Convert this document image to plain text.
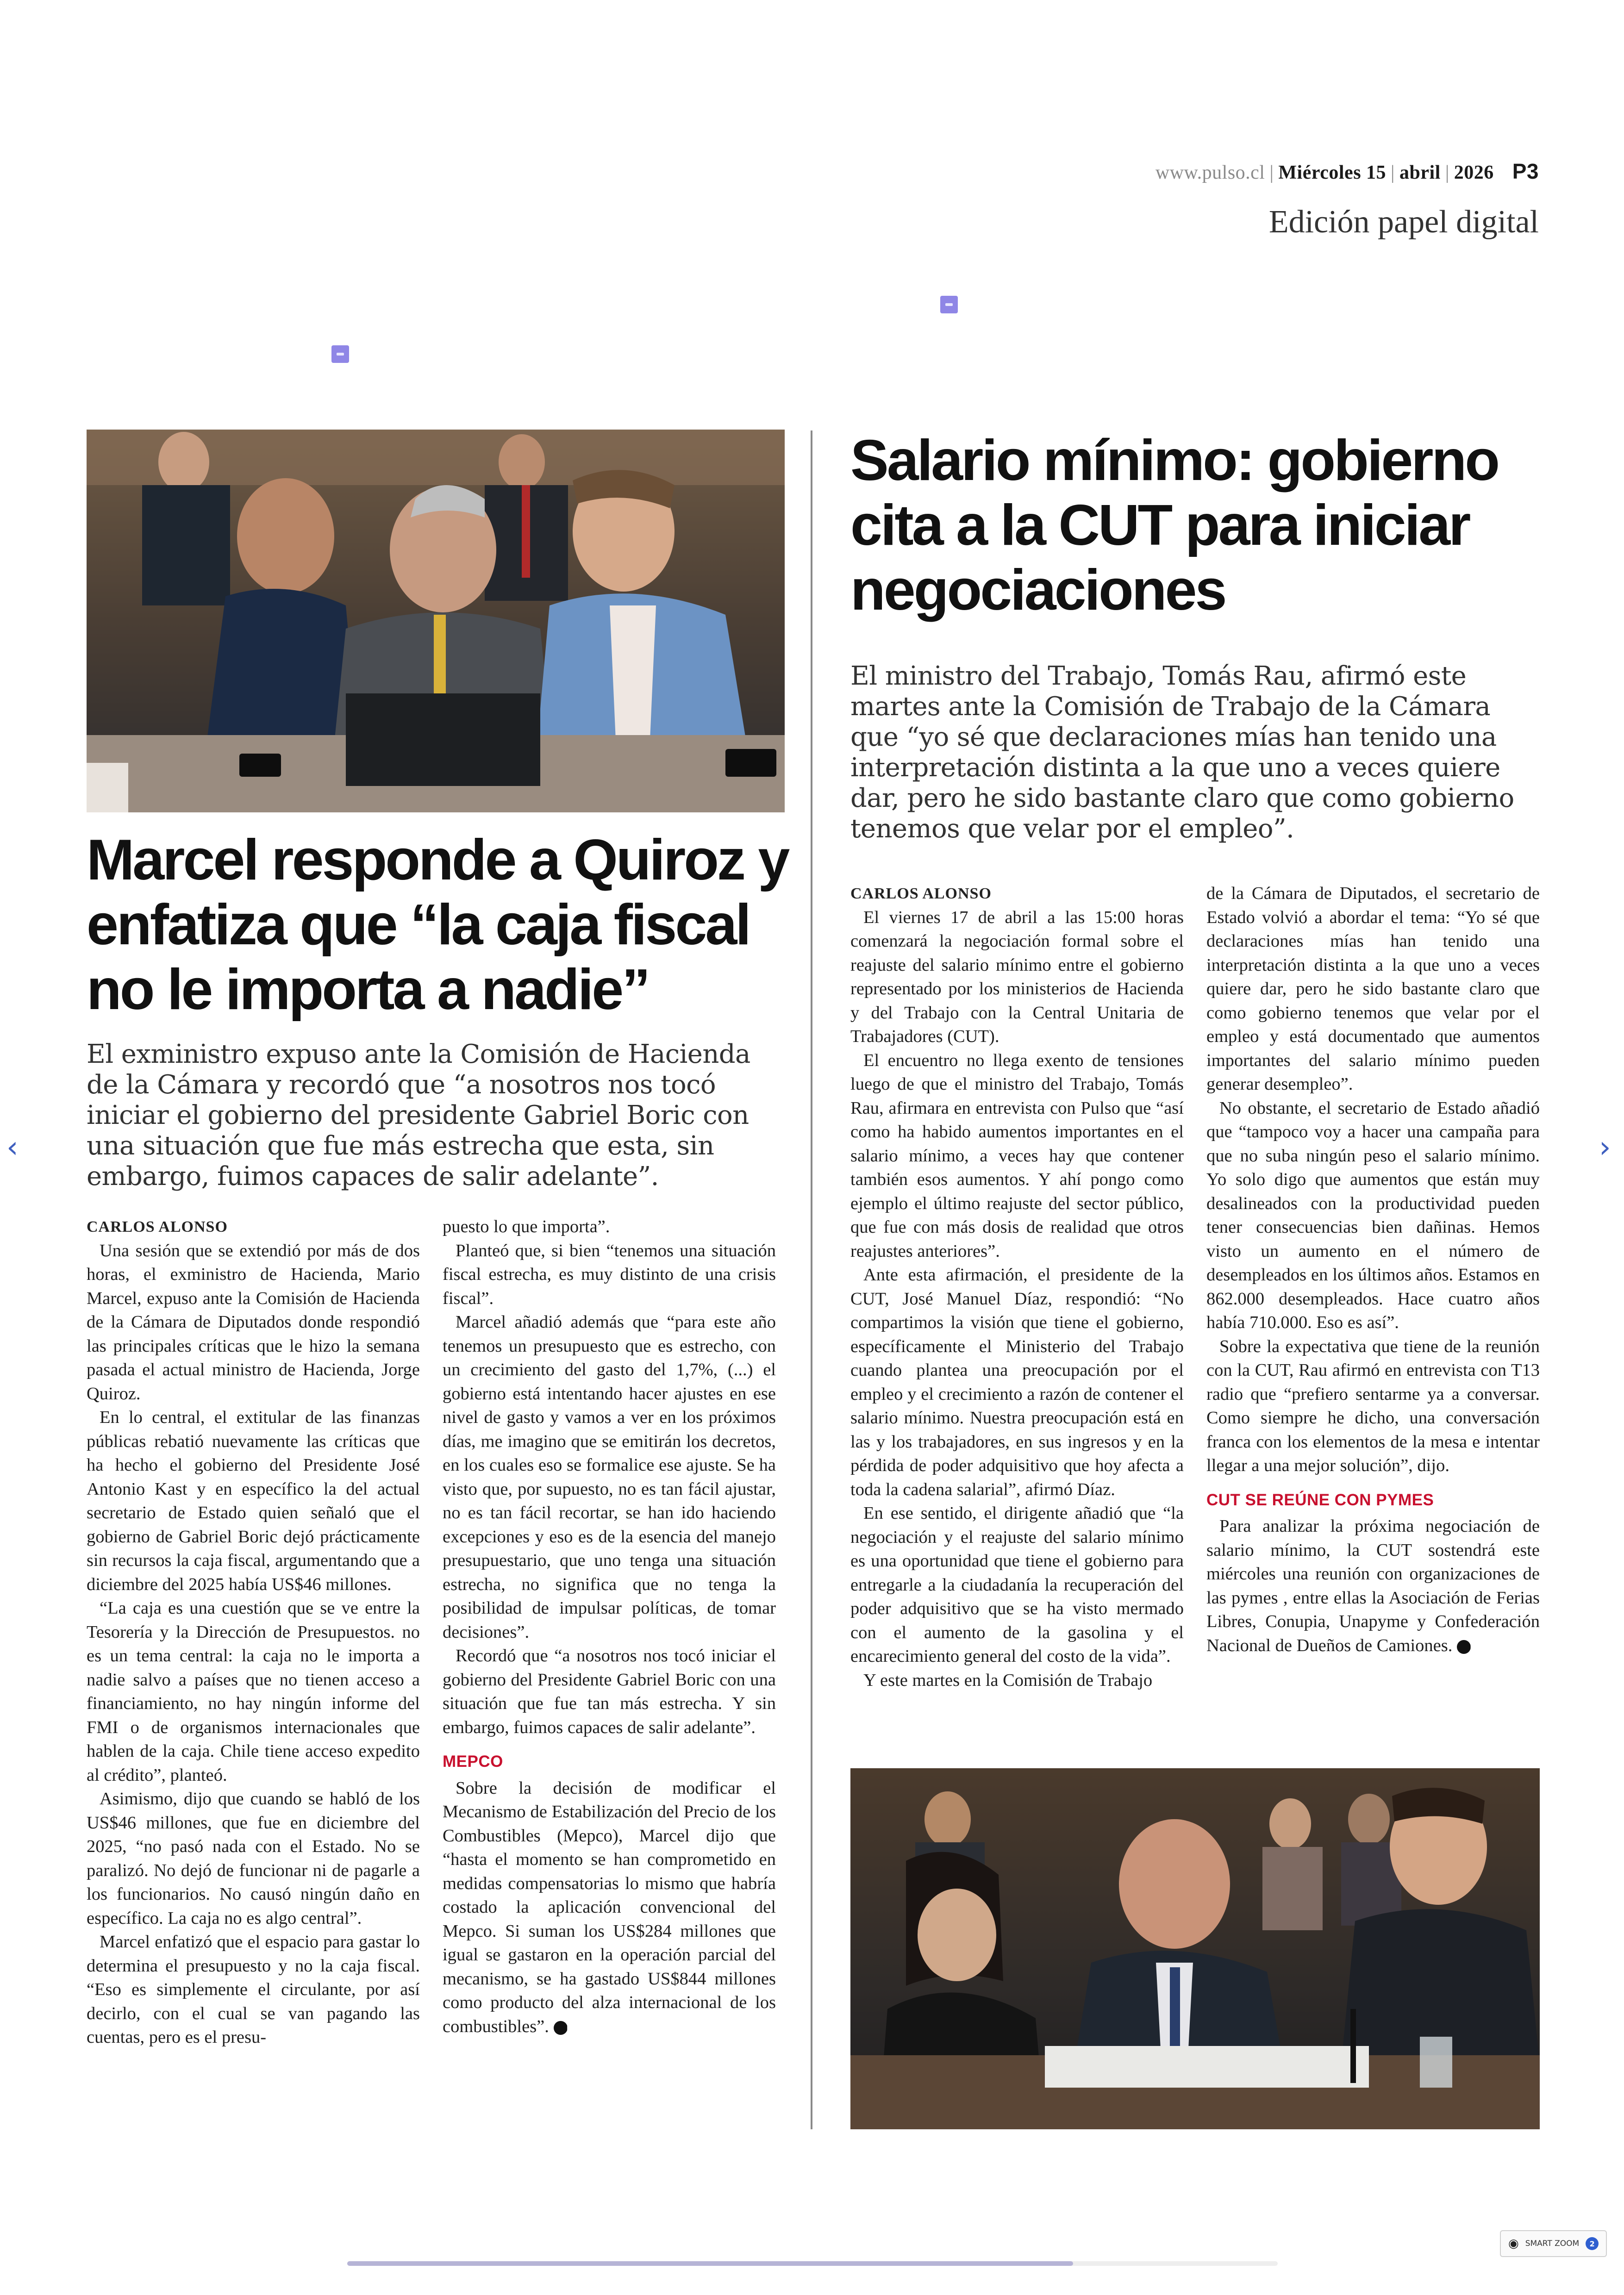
www.pulso.cl | Miércoles 15 | abril | 2026 P3
Edición papel digital
Marcel responde a Quiroz y enfatiza que “la caja fiscal no le importa a nadie”
El exministro expuso ante la Comisión de Hacienda de la Cámara y recordó que “a nosotros nos tocó iniciar el gobierno del presidente Gabriel Boric con una situación que fue más estrecha que esta, sin embargo, fuimos capaces de salir adelante”.
CARLOS ALONSO

Una sesión que se extendió por más de dos horas, el exministro de Hacienda, Mario Marcel, expuso ante la Comisión de Hacienda de la Cámara de Diputados donde respondió las principales críticas que le hizo la semana pasada el actual ministro de Hacienda, Jorge Quiroz.

En lo central, el extitular de las finanzas públicas rebatió nuevamente las críticas que ha hecho el gobierno del Presidente José Antonio Kast y en específico la del actual secretario de Estado quien señaló que el gobierno de Gabriel Boric dejó prácticamente sin recursos la caja fiscal, argumentando que a diciembre del 2025 había US$46 millones.

“La caja es una cuestión que se ve entre la Tesorería y la Dirección de Presupuestos. no es un tema central: la caja no le importa a nadie salvo a países que no tienen acceso a financiamiento, no hay ningún informe del FMI o de organismos internacionales que hablen de la caja. Chile tiene acceso expedito al crédito”, planteó.

Asimismo, dijo que cuando se habló de los US$46 millones, que fue en diciembre del 2025, “no pasó nada con el Estado. No se paralizó. No dejó de funcionar ni de pagarle a los funcionarios. No causó ningún daño en específico. La caja no es algo central”.

Marcel enfatizó que el espacio para gastar lo determina el presupuesto y no la caja fiscal. “Eso es simplemente el circulante, por así decirlo, con el cual se van pagando las cuentas, pero es el presu-

puesto lo que importa”.

Planteó que, si bien “tenemos una situación fiscal estrecha, es muy distinto de una crisis fiscal”.

Marcel añadió además que “para este año tenemos un presupuesto que es estrecho, con un crecimiento del gasto del 1,7%, (...) el gobierno está intentando hacer ajustes en ese nivel de gasto y vamos a ver en los próximos días, me imagino que se emitirán los decretos, en los cuales eso se formalice ese ajuste. Se ha visto que, por supuesto, no es tan fácil ajustar, no es tan fácil recortar, se han ido haciendo excepciones y eso es de la esencia del manejo presupuestario, que uno tenga una situación estrecha, no significa que no tenga la posibilidad de impulsar políticas, de tomar decisiones”.

Recordó que “a nosotros nos tocó iniciar el gobierno del Presidente Gabriel Boric con una situación que fue tan más estrecha. Y sin embargo, fuimos capaces de salir adelante”.

MEPCO

Sobre la decisión de modificar el Mecanismo de Estabilización del Precio de los Combustibles (Mepco), Marcel dijo que “hasta el momento se han comprometido en medidas compensatorias lo mismo que habría costado la aplicación convencional del Mepco. Si suman los US$284 millones que igual se gastaron en la operación parcial del mecanismo, se ha gastado US$844 millones como producto del alza internacional de los combustibles”. P

Salario mínimo: gobierno cita a la CUT para iniciar negociaciones
El ministro del Trabajo, Tomás Rau, afirmó este martes ante la Comisión de Trabajo de la Cámara que “yo sé que declaraciones mías han tenido una interpretación distinta a la que uno a veces quiere dar, pero he sido bastante claro que como gobierno tenemos que velar por el empleo”.
CARLOS ALONSO

El viernes 17 de abril a las 15:00 horas comenzará la negociación formal sobre el reajuste del salario mínimo entre el gobierno representado por los ministerios de Hacienda y del Trabajo con la Central Unitaria de Trabajadores (CUT).

El encuentro no llega exento de tensiones luego de que el ministro del Trabajo, Tomás Rau, afirmara en entrevista con Pulso que “así como ha habido aumentos importantes en el salario mínimo, a veces hay que contener también esos aumentos. Y ahí pongo como ejemplo el último reajuste del sector público, que fue con más dosis de realidad que otros reajustes anteriores”.

Ante esta afirmación, el presidente de la CUT, José Manuel Díaz, respondió: “No compartimos la visión que tiene el gobierno, específicamente el Ministerio del Trabajo cuando plantea una preocupación por el empleo y el crecimiento a razón de contener el salario mínimo. Nuestra preocupación está en las y los trabajadores, en sus ingresos y en la pérdida de poder adquisitivo que hoy afecta a toda la cadena salarial”, afirmó Díaz.

En ese sentido, el dirigente añadió que “la negociación y el reajuste del salario mínimo es una oportunidad que tiene el gobierno para entregarle a la ciudadanía la recuperación del poder adquisitivo que se ha visto mermado con el aumento de la gasolina y el encarecimiento general del costo de la vida”.

Y este martes en la Comisión de Trabajo

de la Cámara de Diputados, el secretario de Estado volvió a abordar el tema: “Yo sé que declaraciones mías han tenido una interpretación distinta a la que uno a veces quiere dar, pero he sido bastante claro que como gobierno tenemos que velar por el empleo y está documentado que aumentos importantes del salario mínimo pueden generar desempleo”.

No obstante, el secretario de Estado añadió que “tampoco voy a hacer una campaña para que no suba ningún peso el salario mínimo. Yo solo digo que aumentos que están muy desalineados con la productividad pueden tener consecuencias bien dañinas. Hemos visto un aumento en el número de desempleados en los últimos años. Estamos en 862.000 desempleados. Hace cuatro años había 710.000. Eso es así”.

Sobre la expectativa que tiene de la reunión con la CUT, Rau afirmó en entrevista con T13 radio que “prefiero sentarme ya a conversar. Como siempre he dicho, una conversación franca con los elementos de la mesa e intentar llegar a una mejor solución”, dijo.

CUT SE REÚNE CON PYMES

Para analizar la próxima negociación de salario mínimo, la CUT sostendrá este miércoles una reunión con organizaciones de las pymes , entre ellas la Asociación de Ferias Libres, Conupia, Unapyme y Confederación Nacional de Dueños de Camiones. P

‹	›
◉ SMART ZOOM	2
